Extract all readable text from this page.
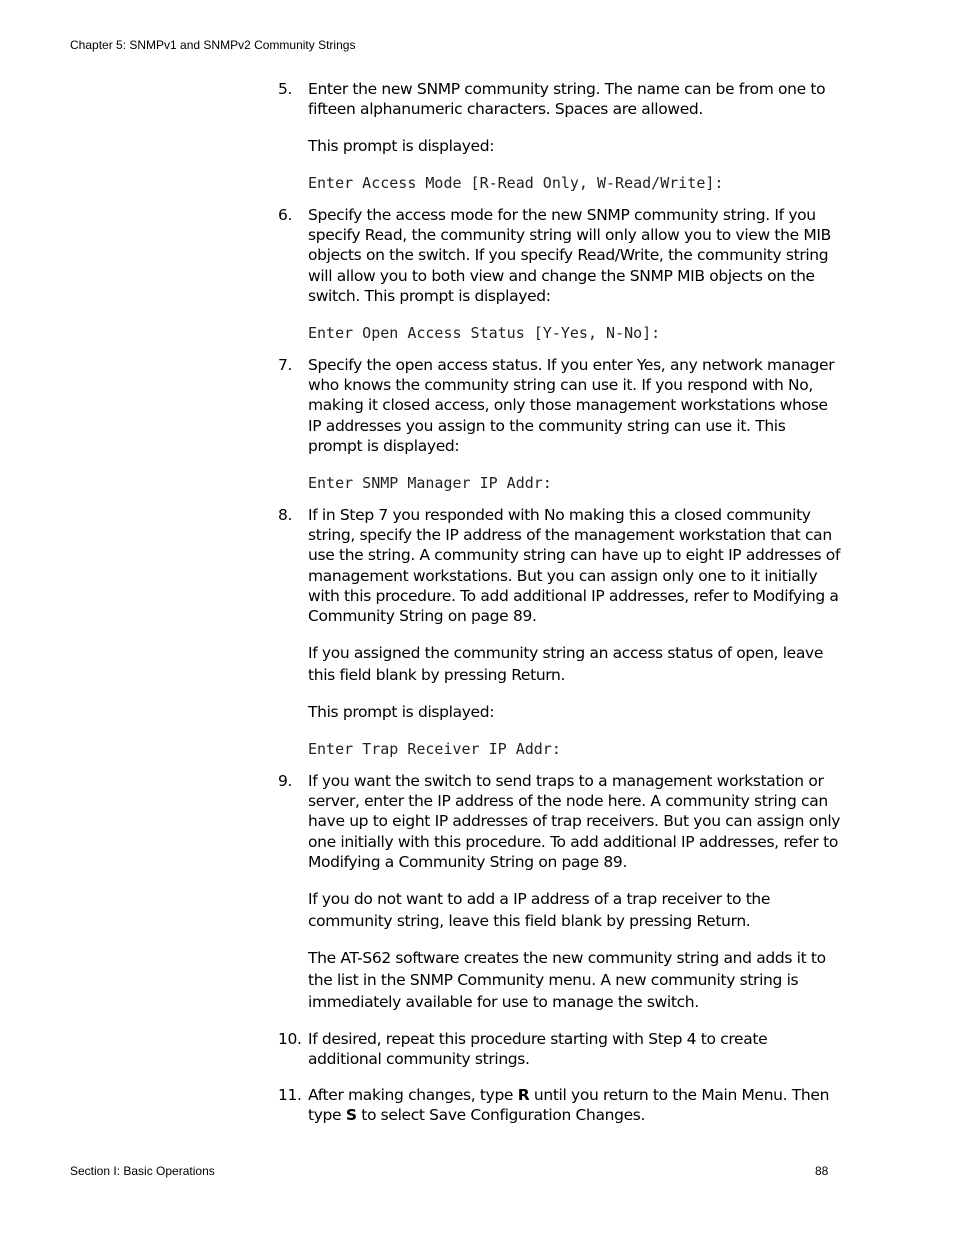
Chapter 5: SNMPv1 and SNMPv2 Community Strings
5. Enter the new SNMP community string. The name can be from one to fifteen alphanumeric characters. Spaces are allowed.
This prompt is displayed:
Enter Access Mode [R-Read Only, W-Read/Write]:
6. Specify the access mode for the new SNMP community string. If you specify Read, the community string will only allow you to view the MIB objects on the switch. If you specify Read/Write, the community string will allow you to both view and change the SNMP MIB objects on the switch. This prompt is displayed:
Enter Open Access Status [Y-Yes, N-No]:
7. Specify the open access status. If you enter Yes, any network manager who knows the community string can use it. If you respond with No, making it closed access, only those management workstations whose IP addresses you assign to the community string can use it. This prompt is displayed:
Enter SNMP Manager IP Addr:
8. If in Step 7 you responded with No making this a closed community string, specify the IP address of the management workstation that can use the string. A community string can have up to eight IP addresses of management workstations. But you can assign only one to it initially with this procedure. To add additional IP addresses, refer to Modifying a Community String on page 89.
If you assigned the community string an access status of open, leave this field blank by pressing Return.
This prompt is displayed:
Enter Trap Receiver IP Addr:
9. If you want the switch to send traps to a management workstation or server, enter the IP address of the node here. A community string can have up to eight IP addresses of trap receivers. But you can assign only one initially with this procedure. To add additional IP addresses, refer to Modifying a Community String on page 89.
If you do not want to add a IP address of a trap receiver to the community string, leave this field blank by pressing Return.
The AT-S62 software creates the new community string and adds it to the list in the SNMP Community menu. A new community string is immediately available for use to manage the switch.
10. If desired, repeat this procedure starting with Step 4 to create additional community strings.
11. After making changes, type R until you return to the Main Menu. Then type S to select Save Configuration Changes.
Section I: Basic Operations	88
